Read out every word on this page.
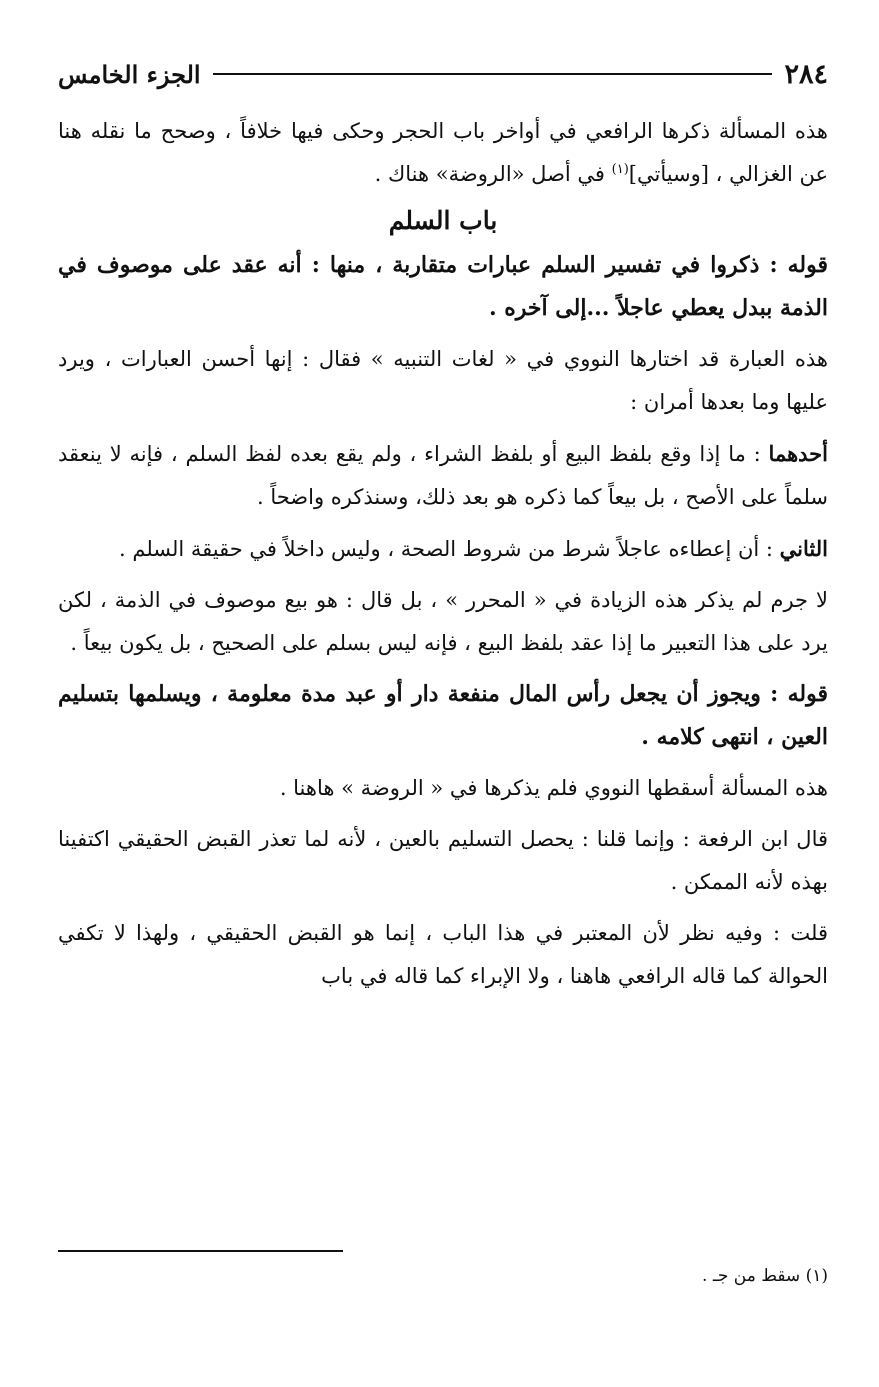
٢٨٤
الجزء الخامس

هذه المسألة ذكرها الرافعي في أواخر باب الحجر وحكى فيها خلافاً ، وصحح ما نقله هنا عن الغزالي ، [وسيأتي]$^{(١)}$ في أصل «الروضة» هناك .

باب السلم

قوله : ذكروا في تفسير السلم عبارات متقاربة ، منها : أنه عقد على موصوف في الذمة ببدل يعطي عاجلاً ...إلى آخره .

هذه العبارة قد اختارها النووي في « لغات التنبيه » فقال : إنها أحسن العبارات ، ويرد عليها وما بعدها أمران :

أحدهما : ما إذا وقع بلفظ البيع أو بلفظ الشراء ، ولم يقع بعده لفظ السلم ، فإنه لا ينعقد سلماً على الأصح ، بل بيعاً كما ذكره هو بعد ذلك، وسنذكره واضحاً .

الثاني : أن إعطاءه عاجلاً شرط من شروط الصحة ، وليس داخلاً في حقيقة السلم .

لا جرم لم يذكر هذه الزيادة في « المحرر » ، بل قال : هو بيع موصوف في الذمة ، لكن يرد على هذا التعبير ما إذا عقد بلفظ البيع ، فإنه ليس بسلم على الصحيح ، بل يكون بيعاً .

قوله : ويجوز أن يجعل رأس المال منفعة دار أو عبد مدة معلومة ، ويسلمها بتسليم العين ، انتهى كلامه .

هذه المسألة أسقطها النووي فلم يذكرها في « الروضة » هاهنا .

قال ابن الرفعة : وإنما قلنا : يحصل التسليم بالعين ، لأنه لما تعذر القبض الحقيقي اكتفينا بهذه لأنه الممكن .

قلت : وفيه نظر لأن المعتبر في هذا الباب ، إنما هو القبض الحقيقي ، ولهذا لا تكفي الحوالة كما قاله الرافعي هاهنا ، ولا الإبراء كما قاله في باب

(١) سقط من جـ .
